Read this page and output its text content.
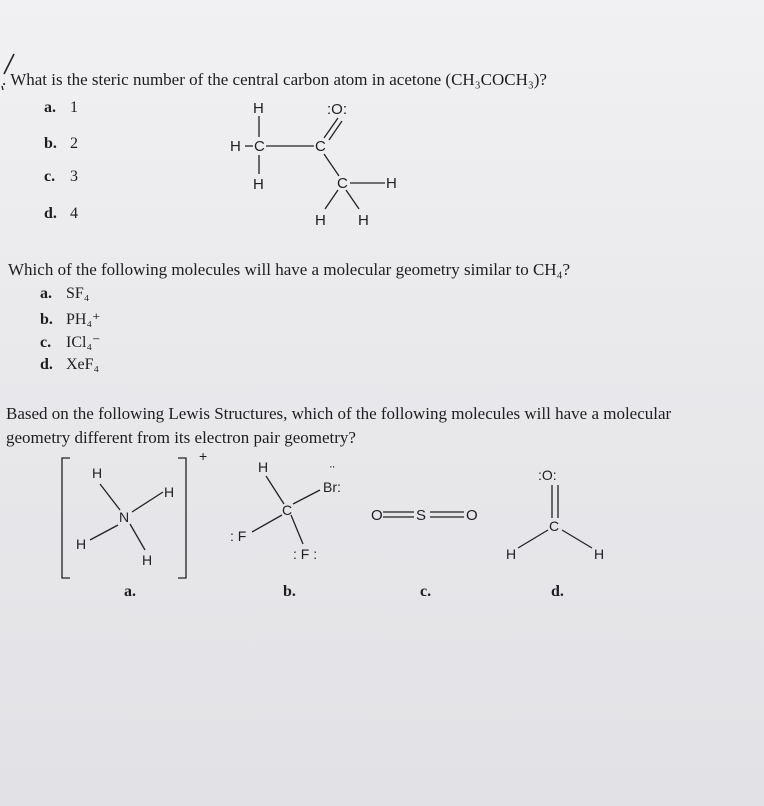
. What is the steric number of the central carbon atom in acetone (CH₃COCH₃)?
a. 1
b. 2
c. 3
d. 4
H	:O:
H C	C
H	C	H
H H
Which of the following molecules will have a molecular geometry similar to CH₄?
a. SF₄
b. PH₄⁺
c. ICl₄⁻
d. XeF₄
Based on the following Lewis Structures, which of the following molecules will have a molecular
geometry different from its electron pair geometry?
+
H
H
N
H
H
H
Br:
¨
C
: F
: F :
O S	O
:O:
C
H	H
a.	b.	c.	d.
